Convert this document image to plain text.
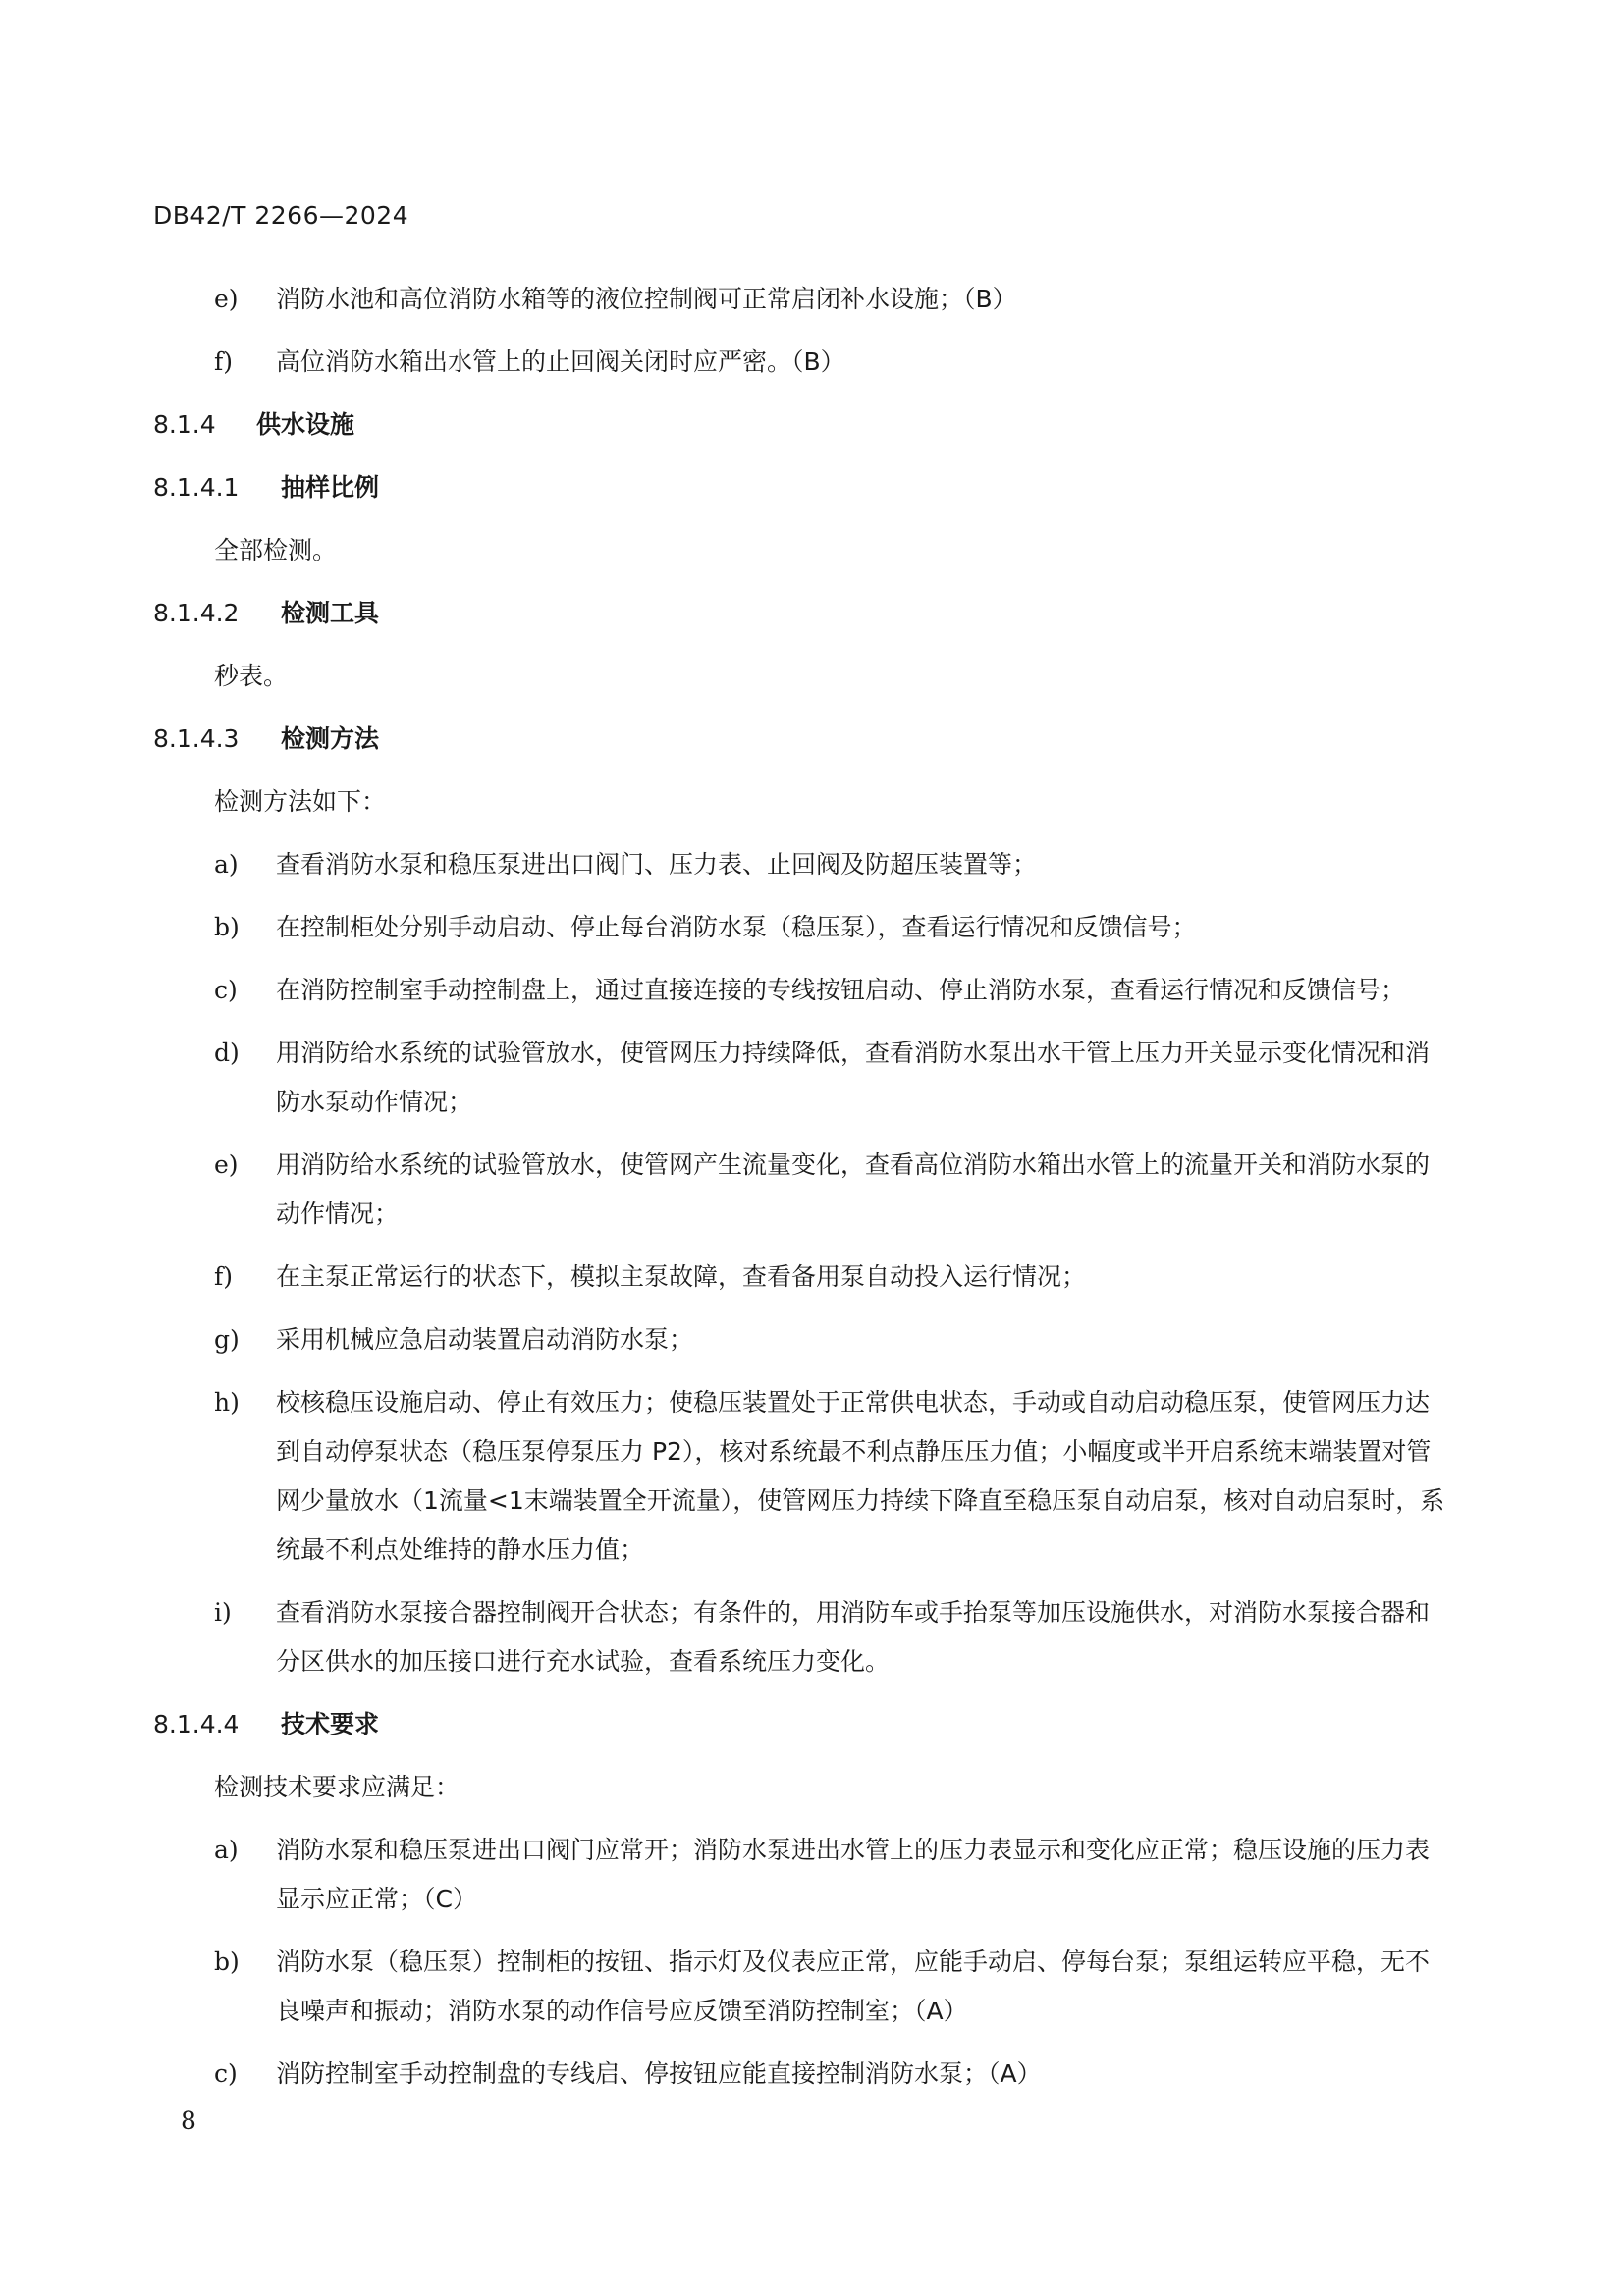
DB42/T 2266—2024
e) 消防水池和高位消防水箱等的液位控制阀可正常启闭补水设施；（B）
f) 高位消防水箱出水管上的止回阀关闭时应严密。（B）
8.1.4 供水设施
8.1.4.1 抽样比例
全部检测。
8.1.4.2 检测工具
秒表。
8.1.4.3 检测方法
检测方法如下：
a) 查看消防水泵和稳压泵进出口阀门、压力表、止回阀及防超压装置等；
b) 在控制柜处分别手动启动、停止每台消防水泵（稳压泵），查看运行情况和反馈信号；
c) 在消防控制室手动控制盘上，通过直接连接的专线按钮启动、停止消防水泵，查看运行情况和反馈信号；
d) 用消防给水系统的试验管放水，使管网压力持续降低，查看消防水泵出水干管上压力开关显示变化情况和消防水泵动作情况；
e) 用消防给水系统的试验管放水，使管网产生流量变化，查看高位消防水箱出水管上的流量开关和消防水泵的动作情况；
f) 在主泵正常运行的状态下，模拟主泵故障，查看备用泵自动投入运行情况；
g) 采用机械应急启动装置启动消防水泵；
h) 校核稳压设施启动、停止有效压力；使稳压装置处于正常供电状态，手动或自动启动稳压泵，使管网压力达到自动停泵状态（稳压泵停泵压力 P2），核对系统最不利点静压压力值；小幅度或半开启系统末端装置对管网少量放水（1流量<1末端装置全开流量），使管网压力持续下降直至稳压泵自动启泵，核对自动启泵时，系统最不利点处维持的静水压力值；
i) 查看消防水泵接合器控制阀开合状态；有条件的，用消防车或手抬泵等加压设施供水，对消防水泵接合器和分区供水的加压接口进行充水试验，查看系统压力变化。
8.1.4.4 技术要求
检测技术要求应满足：
a) 消防水泵和稳压泵进出口阀门应常开；消防水泵进出水管上的压力表显示和变化应正常；稳压设施的压力表显示应正常；（C）
b) 消防水泵（稳压泵）控制柜的按钮、指示灯及仪表应正常，应能手动启、停每台泵；泵组运转应平稳，无不良噪声和振动；消防水泵的动作信号应反馈至消防控制室；（A）
c) 消防控制室手动控制盘的专线启、停按钮应能直接控制消防水泵；（A）
8
